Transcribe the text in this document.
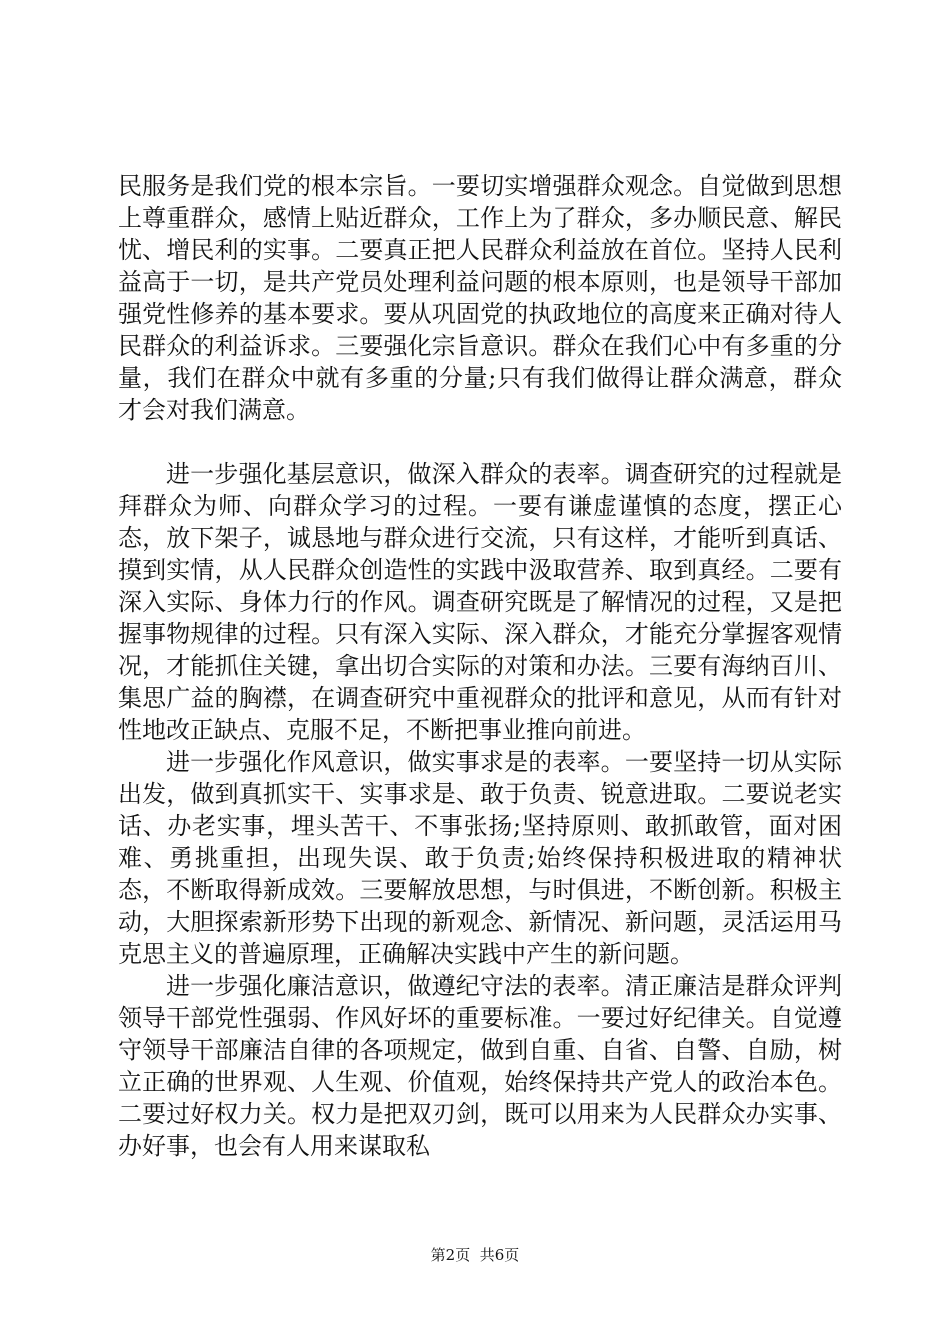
民服务是我们党的根本宗旨。一要切实增强群众观念。自觉做到思想上尊重群众，感情上贴近群众，工作上为了群众，多办顺民意、解民忧、增民利的实事。二要真正把人民群众利益放在首位。坚持人民利益高于一切，是共产党员处理利益问题的根本原则，也是领导干部加强党性修养的基本要求。要从巩固党的执政地位的高度来正确对待人民群众的利益诉求。三要强化宗旨意识。群众在我们心中有多重的分量，我们在群众中就有多重的分量;只有我们做得让群众满意，群众才会对我们满意。

进一步强化基层意识，做深入群众的表率。调查研究的过程就是拜群众为师、向群众学习的过程。一要有谦虚谨慎的态度，摆正心态，放下架子，诚恳地与群众进行交流，只有这样，才能听到真话、摸到实情，从人民群众创造性的实践中汲取营养、取到真经。二要有深入实际、身体力行的作风。调查研究既是了解情况的过程，又是把握事物规律的过程。只有深入实际、深入群众，才能充分掌握客观情况，才能抓住关键，拿出切合实际的对策和办法。三要有海纳百川、集思广益的胸襟，在调查研究中重视群众的批评和意见，从而有针对性地改正缺点、克服不足，不断把事业推向前进。

进一步强化作风意识，做实事求是的表率。一要坚持一切从实际出发，做到真抓实干、实事求是、敢于负责、锐意进取。二要说老实话、办老实事，埋头苦干、不事张扬;坚持原则、敢抓敢管，面对困难、勇挑重担，出现失误、敢于负责;始终保持积极进取的精神状态，不断取得新成效。三要解放思想，与时俱进，不断创新。积极主动，大胆探索新形势下出现的新观念、新情况、新问题，灵活运用马克思主义的普遍原理，正确解决实践中产生的新问题。

进一步强化廉洁意识，做遵纪守法的表率。清正廉洁是群众评判领导干部党性强弱、作风好坏的重要标准。一要过好纪律关。自觉遵守领导干部廉洁自律的各项规定，做到自重、自省、自警、自励，树立正确的世界观、人生观、价值观，始终保持共产党人的政治本色。二要过好权力关。权力是把双刃剑，既可以用来为人民群众办实事、办好事，也会有人用来谋取私

第2页 共6页
